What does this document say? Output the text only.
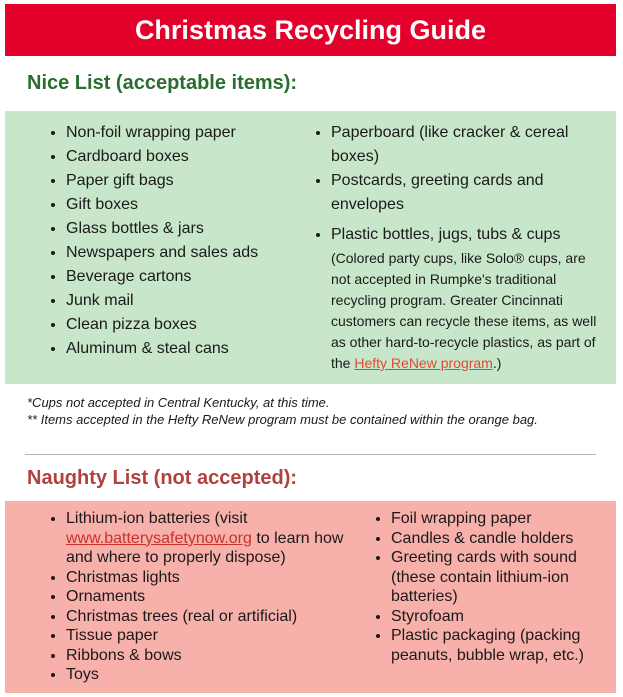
Christmas Recycling Guide
Nice List (acceptable items):
• Non-foil wrapping paper
• Cardboard boxes
• Paper gift bags
• Gift boxes
• Glass bottles & jars
• Newspapers and sales ads
• Beverage cartons
• Junk mail
• Clean pizza boxes
• Aluminum & steal cans
• Paperboard (like cracker & cereal boxes)
• Postcards, greeting cards and envelopes
• Plastic bottles, jugs, tubs & cups
(Colored party cups, like Solo® cups, are not accepted in Rumpke's traditional recycling program. Greater Cincinnati customers can recycle these items, as well as other hard-to-recycle plastics, as part of the Hefty ReNew program.)

*Cups not accepted in Central Kentucky, at this time.

** Items accepted in the Hefty ReNew program must be contained within the orange bag.

Naughty List (not accepted):
• Lithium-ion batteries (visit www.batterysafetynow.org to learn how and where to properly dispose)
• Christmas lights
• Ornaments
• Christmas trees (real or artificial)
• Tissue paper
• Ribbons & bows
• Toys
• Foil wrapping paper
• Candles & candle holders
• Greeting cards with sound (these contain lithium-ion batteries)
• Styrofoam
• Plastic packaging (packing peanuts, bubble wrap, etc.)
